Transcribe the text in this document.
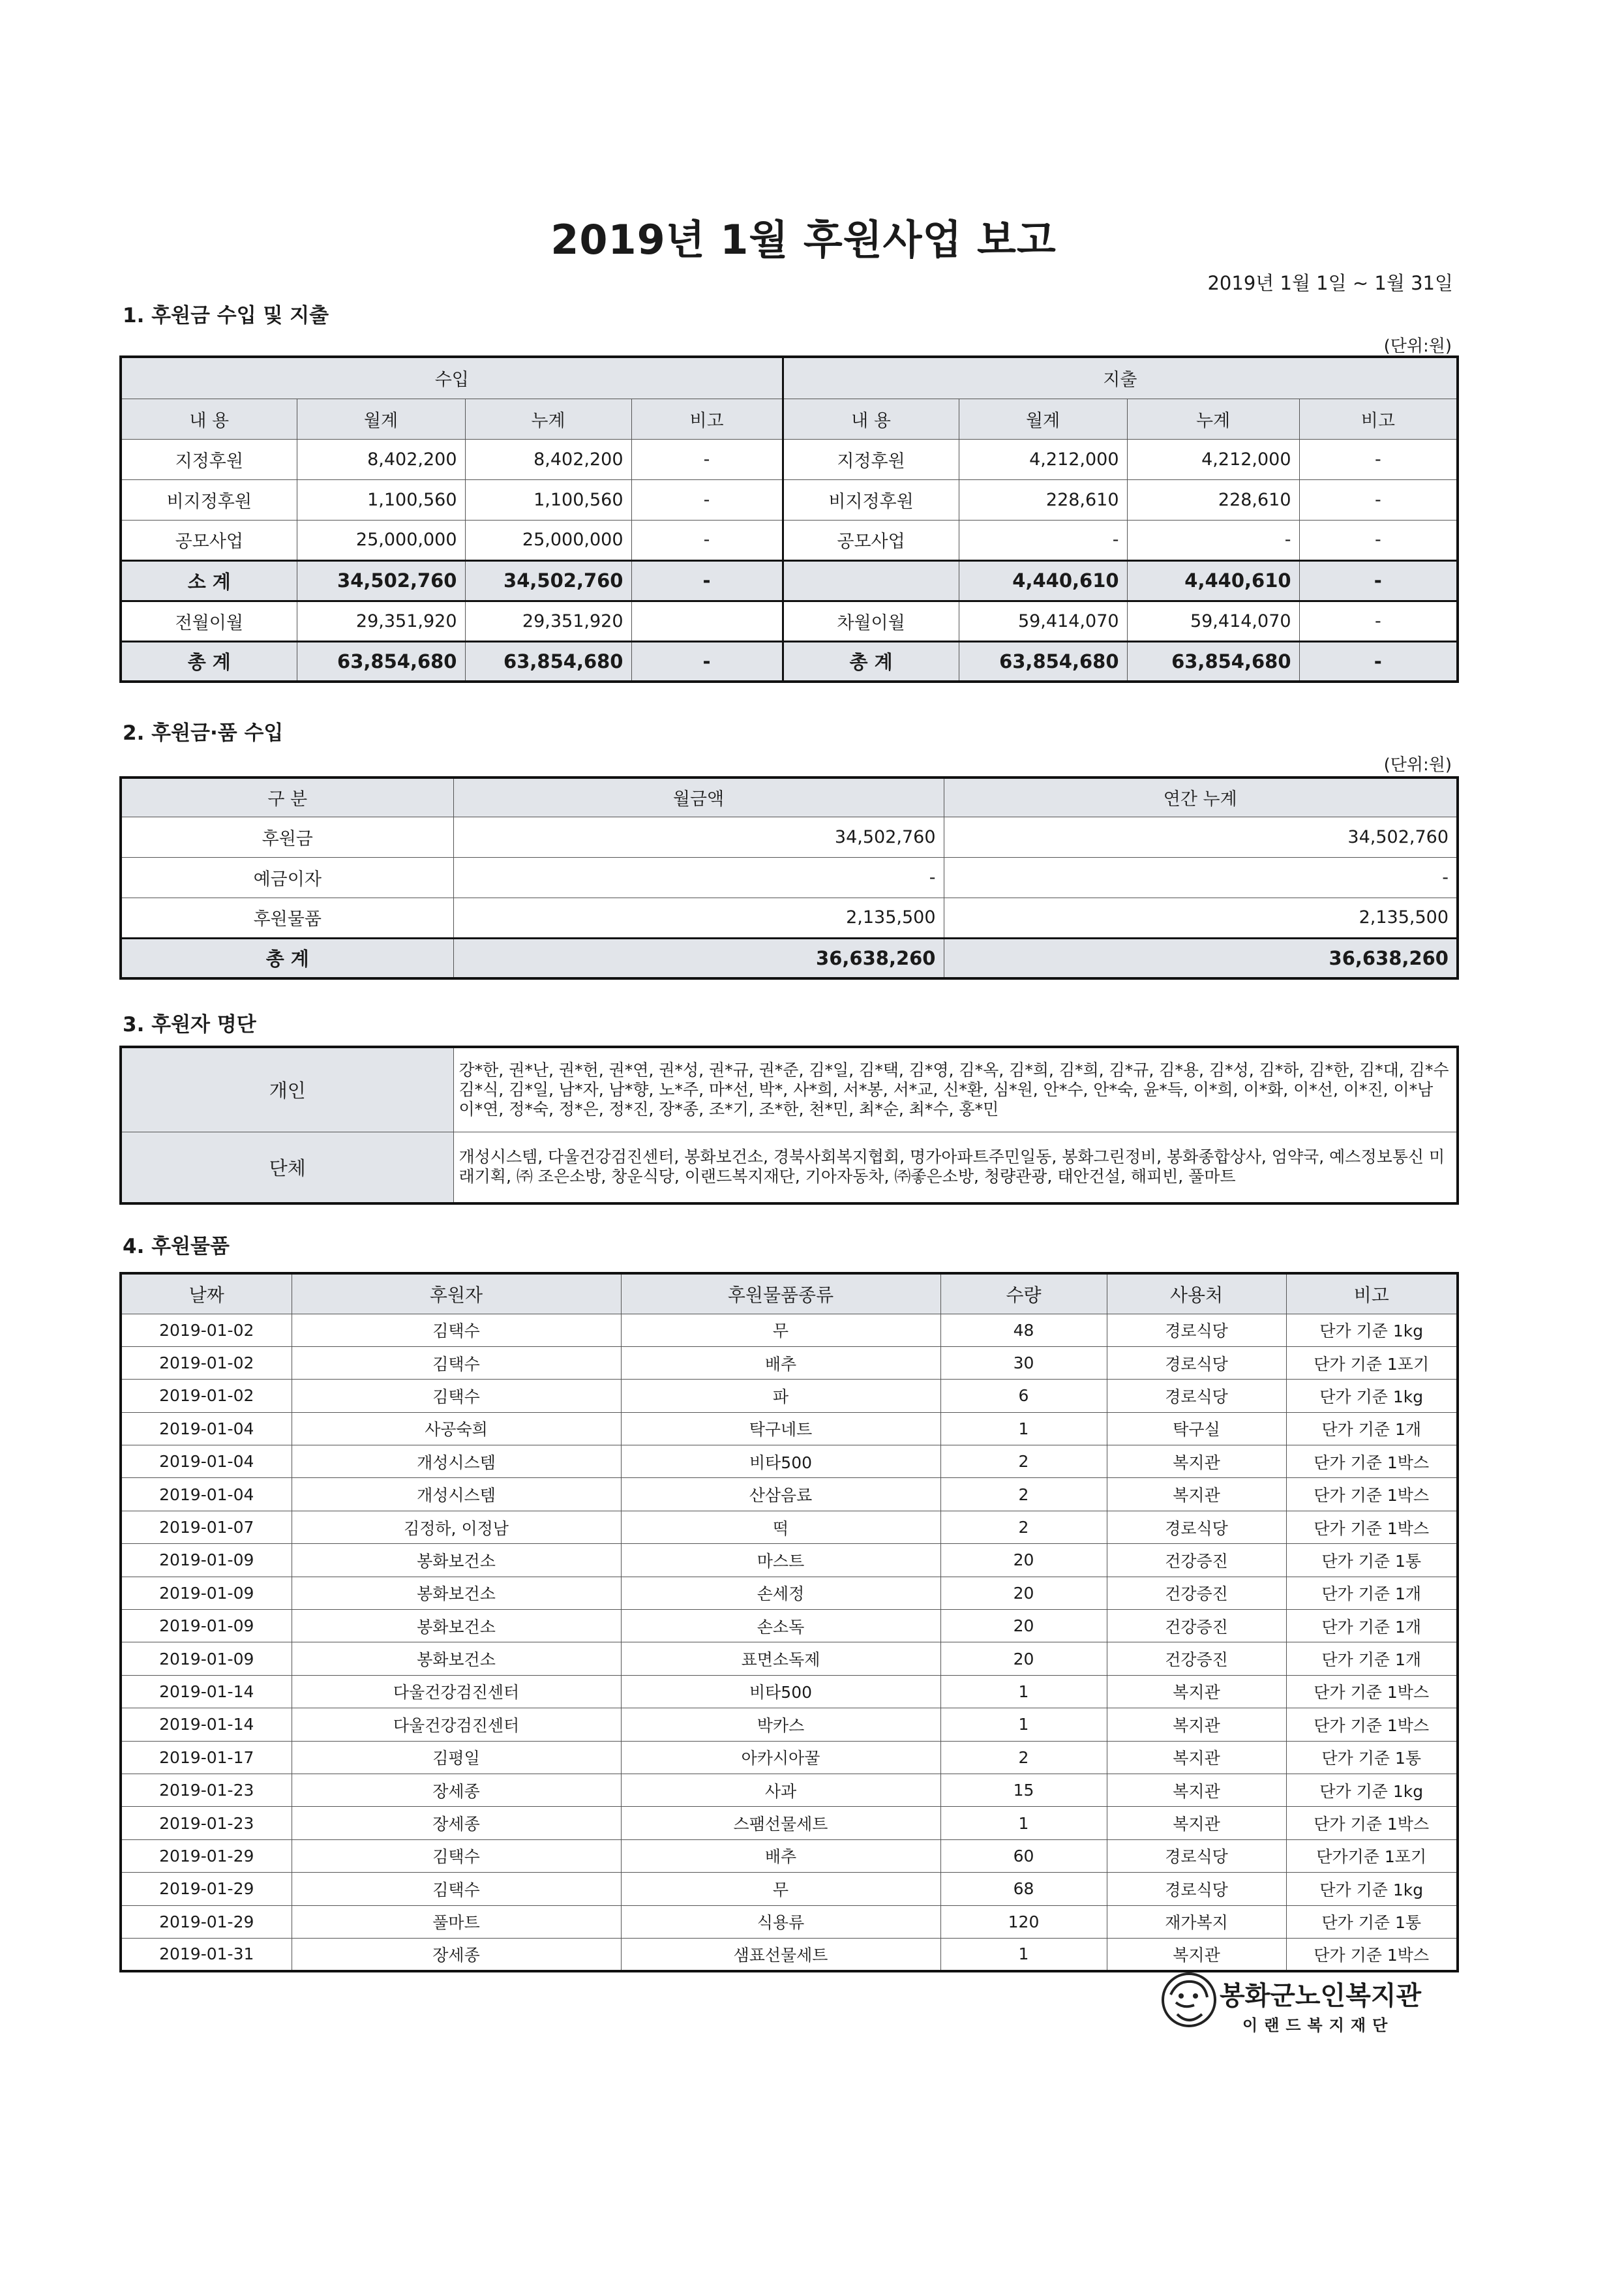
2019년 1월 후원사업 보고
2019년 1월 1일 ~ 1월 31일
1. 후원금 수입 및 지출
(단위:원)
수입				지출			
내 용	월계	누계	비고	내 용	월계	누계	비고
지정후원	8,402,200	8,402,200	-	지정후원	4,212,000	4,212,000	-
비지정후원	1,100,560	1,100,560	-	비지정후원	228,610	228,610	-
공모사업	25,000,000	25,000,000	-	공모사업	-	-	-
소 계	34,502,760	34,502,760	-		4,440,610	4,440,610	-
전월이월	29,351,920	29,351,920		차월이월	59,414,070	59,414,070	-
총 계	63,854,680	63,854,680	-	총 계	63,854,680	63,854,680	-
2. 후원금·품 수입
(단위:원)
구 분	월금액	연간 누계
후원금	34,502,760	34,502,760
예금이자	-	-
후원물품	2,135,500	2,135,500
총 계	36,638,260	36,638,260
3. 후원자 명단
개인	강*한, 권*난, 권*헌, 권*연, 권*성, 권*규, 권*준, 김*일, 김*택, 김*영, 김*옥, 김*희, 김*희, 김*규, 김*용, 김*성, 김*하, 김*한, 김*대, 김*수 김*식, 김*일, 남*자, 남*향, 노*주, 마*선, 박*, 사*희, 서*봉, 서*교, 신*환, 심*원, 안*수, 안*숙, 윤*득, 이*희, 이*화, 이*선, 이*진, 이*남 이*연, 정*숙, 정*은, 정*진, 장*종, 조*기, 조*한, 천*민, 최*순, 최*수, 홍*민
단체	개성시스템, 다울건강검진센터, 봉화보건소, 경북사회복지협회, 명가아파트주민일동, 봉화그린정비, 봉화종합상사, 엄약국, 예스정보통신 미래기획, ㈜ 조은소방, 창운식당, 이랜드복지재단, 기아자동차, ㈜좋은소방, 청량관광, 태안건설, 해피빈, 풀마트
4. 후원물품
날짜	후원자	후원물품종류	수량	사용처	비고
2019-01-02	김택수	무	48	경로식당	단가 기준 1kg
2019-01-02	김택수	배추	30	경로식당	단가 기준 1포기
2019-01-02	김택수	파	6	경로식당	단가 기준 1kg
2019-01-04	사공숙희	탁구네트	1	탁구실	단가 기준 1개
2019-01-04	개성시스템	비타500	2	복지관	단가 기준 1박스
2019-01-04	개성시스템	산삼음료	2	복지관	단가 기준 1박스
2019-01-07	김정하, 이정남	떡	2	경로식당	단가 기준 1박스
2019-01-09	봉화보건소	마스트	20	건강증진	단가 기준 1통
2019-01-09	봉화보건소	손세정	20	건강증진	단가 기준 1개
2019-01-09	봉화보건소	손소독	20	건강증진	단가 기준 1개
2019-01-09	봉화보건소	표면소독제	20	건강증진	단가 기준 1개
2019-01-14	다울건강검진센터	비타500	1	복지관	단가 기준 1박스
2019-01-14	다울건강검진센터	박카스	1	복지관	단가 기준 1박스
2019-01-17	김평일	아카시아꿀	2	복지관	단가 기준 1통
2019-01-23	장세종	사과	15	복지관	단가 기준 1kg
2019-01-23	장세종	스팸선물세트	1	복지관	단가 기준 1박스
2019-01-29	김택수	배추	60	경로식당	단가기준 1포기
2019-01-29	김택수	무	68	경로식당	단가 기준 1kg
2019-01-29	풀마트	식용류	120	재가복지	단가 기준 1통
2019-01-31	장세종	샘표선물세트	1	복지관	단가 기준 1박스
봉화군노인복지관
이랜드복지재단
